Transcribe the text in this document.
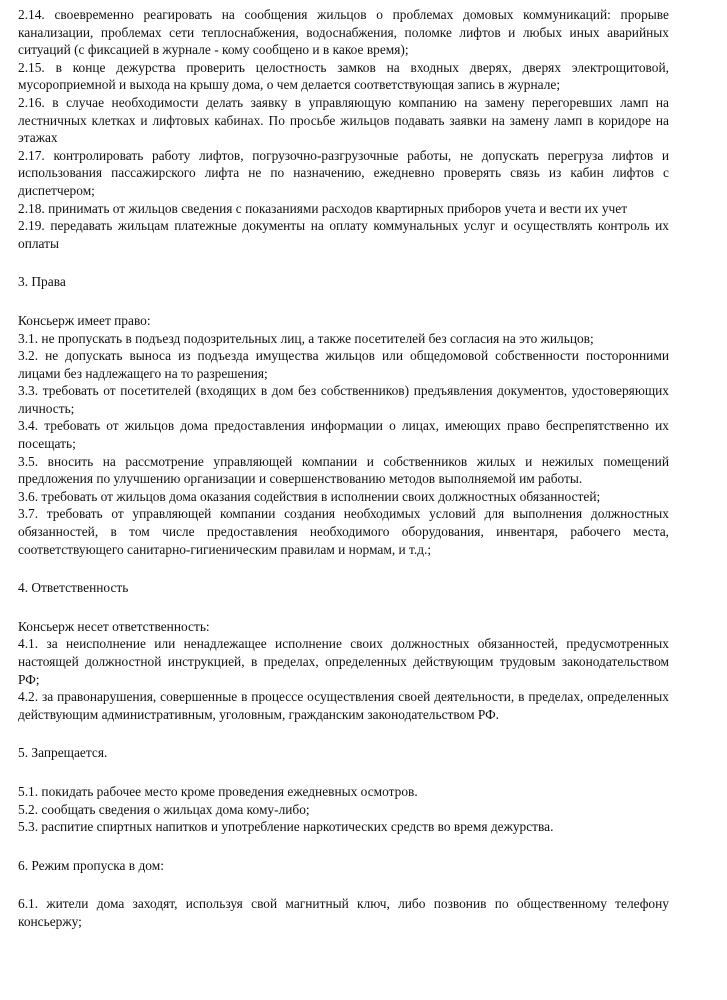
2.14. своевременно реагировать на сообщения жильцов о проблемах домовых коммуникаций: прорыве канализации, проблемах сети теплоснабжения, водоснабжения, поломке лифтов и любых иных аварийных ситуаций (с фиксацией в журнале - кому сообщено и в какое время);

2.15. в конце дежурства проверить целостность замков на входных дверях, дверях электрощитовой, мусороприемной и выхода на крышу дома, о чем делается соответствующая запись в журнале;

2.16. в случае необходимости делать заявку в управляющую компанию на замену перегоревших ламп на лестничных клетках и лифтовых кабинах. По просьбе жильцов подавать заявки на замену ламп в коридоре на этажах

2.17. контролировать работу лифтов, погрузочно-разгрузочные работы, не допускать перегруза лифтов и использования пассажирского лифта не по назначению, ежедневно проверять связь из кабин лифтов с диспетчером;

2.18. принимать от жильцов сведения с показаниями расходов квартирных приборов учета и вести их учет

2.19. передавать жильцам платежные документы на оплату коммунальных услуг и осуществлять контроль их оплаты

3. Права

Консьерж имеет право:

3.1. не пропускать в подъезд подозрительных лиц, а также посетителей без согласия на это жильцов;

3.2. не допускать выноса из подъезда имущества жильцов или общедомовой собственности посторонними лицами без надлежащего на то разрешения;

3.3. требовать от посетителей (входящих в дом без собственников) предъявления документов, удостоверяющих личность;

3.4. требовать от жильцов дома предоставления информации о лицах, имеющих право беспрепятственно их посещать;

3.5. вносить на рассмотрение управляющей компании и собственников жилых и нежилых помещений предложения по улучшению организации и совершенствованию методов выполняемой им работы.

3.6. требовать от жильцов дома оказания содействия в исполнении своих должностных обязанностей;

3.7. требовать от управляющей компании создания необходимых условий для выполнения должностных обязанностей, в том числе предоставления необходимого оборудования, инвентаря, рабочего места, соответствующего санитарно-гигиеническим правилам и нормам, и т.д.;

4. Ответственность

Консьерж несет ответственность:

4.1. за неисполнение или ненадлежащее исполнение своих должностных обязанностей, предусмотренных настоящей должностной инструкцией, в пределах, определенных действующим трудовым законодательством РФ;

4.2. за правонарушения, совершенные в процессе осуществления своей деятельности, в пределах, определенных действующим административным, уголовным, гражданским законодательством РФ.

5. Запрещается.

5.1. покидать рабочее место кроме проведения ежедневных осмотров.

5.2. сообщать сведения о жильцах дома кому-либо;

5.3. распитие спиртных напитков и употребление наркотических средств во время дежурства.

6. Режим пропуска в дом:

6.1. жители дома заходят, используя свой магнитный ключ, либо позвонив по общественному телефону консьержу;
